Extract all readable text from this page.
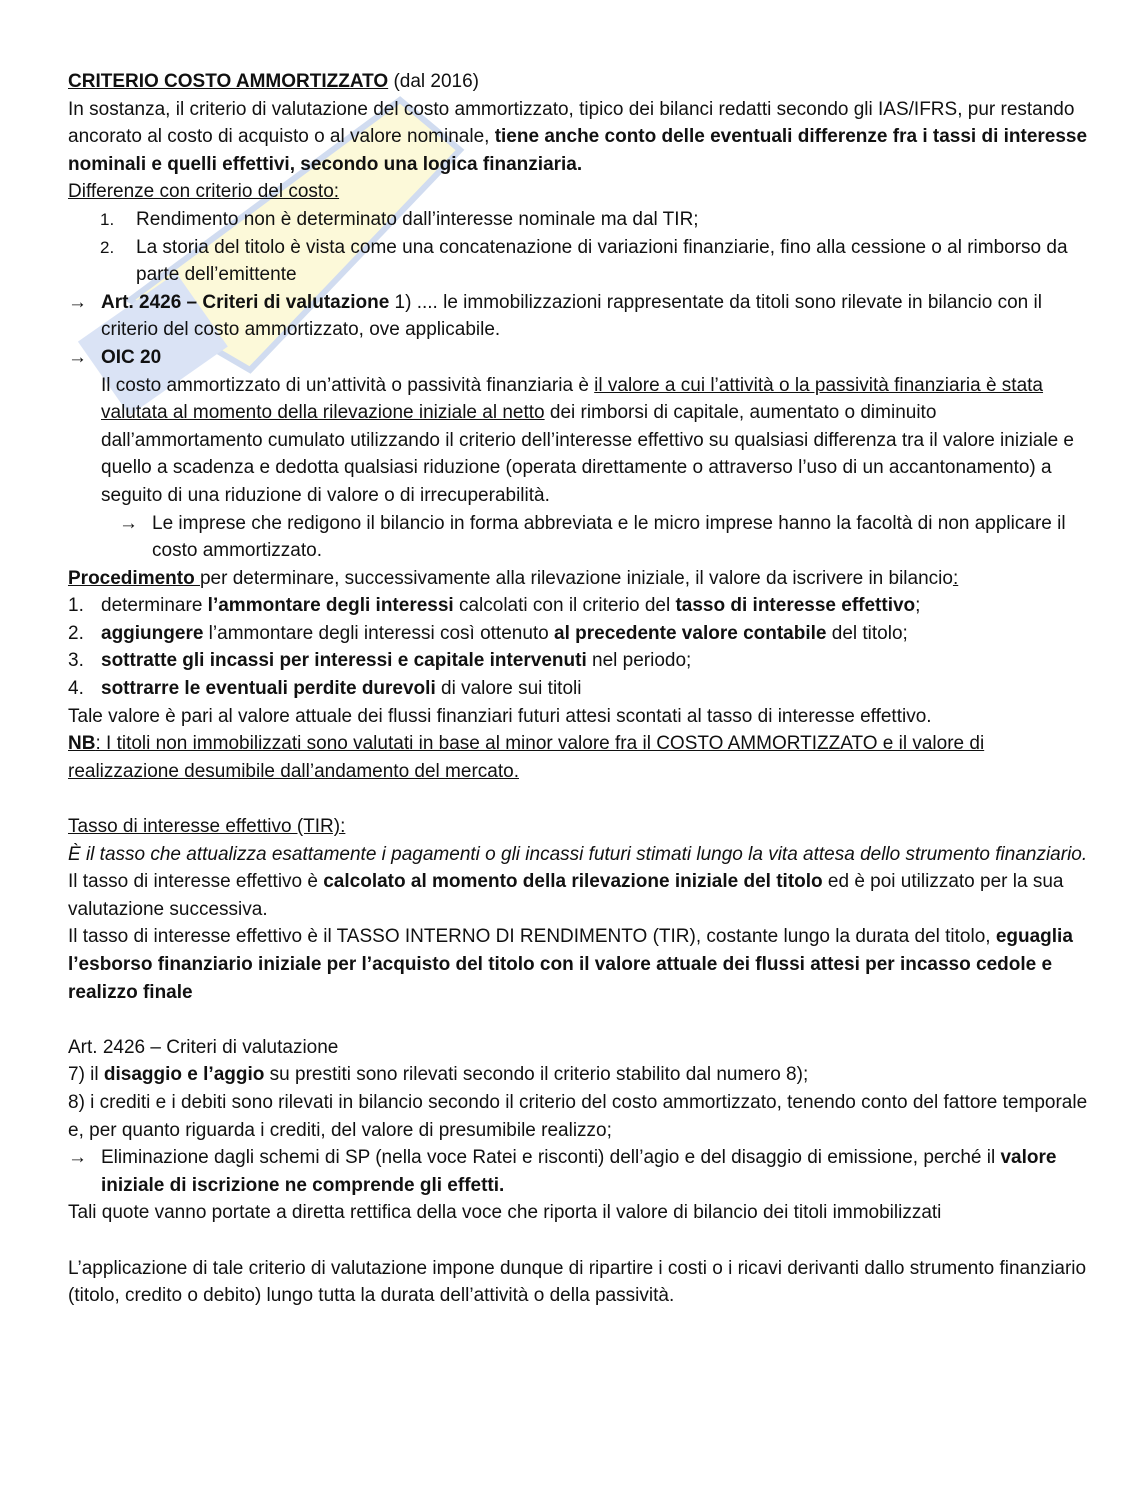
CRITERIO COSTO AMMORTIZZATO (dal 2016)

In sostanza, il criterio di valutazione del costo ammortizzato, tipico dei bilanci redatti secondo gli IAS/IFRS, pur restando ancorato al costo di acquisto o al valore nominale, tiene anche conto delle eventuali differenze fra i tassi di interesse nominali e quelli effettivi, secondo una logica finanziaria.

Differenze con criterio del costo:

1. Rendimento non è determinato dall’interesse nominale ma dal TIR;
2. La storia del titolo è vista come una concatenazione di variazioni finanziarie, fino alla cessione o al rimborso da parte dell’emittente

→ Art. 2426 – Criteri di valutazione 1) .... le immobilizzazioni rappresentate da titoli sono rilevate in bilancio con il criterio del costo ammortizzato, ove applicabile.

→ OIC 20

Il costo ammortizzato di un’attività o passività finanziaria è il valore a cui l’attività o la passività finanziaria è stata valutata al momento della rilevazione iniziale al netto dei rimborsi di capitale, aumentato o diminuito dall’ammortamento cumulato utilizzando il criterio dell’interesse effettivo su qualsiasi differenza tra il valore iniziale e quello a scadenza e dedotta qualsiasi riduzione (operata direttamente o attraverso l’uso di un accantonamento) a seguito di una riduzione di valore o di irrecuperabilità.

→ Le imprese che redigono il bilancio in forma abbreviata e le micro imprese hanno la facoltà di non applicare il costo ammortizzato.

Procedimento per determinare, successivamente alla rilevazione iniziale, il valore da iscrivere in bilancio:

1. determinare l’ammontare degli interessi calcolati con il criterio del tasso di interesse effettivo;
2. aggiungere l’ammontare degli interessi così ottenuto al precedente valore contabile del titolo;
3. sottratte gli incassi per interessi e capitale intervenuti nel periodo;
4. sottrarre le eventuali perdite durevoli di valore sui titoli

Tale valore è pari al valore attuale dei flussi finanziari futuri attesi scontati al tasso di interesse effettivo.

NB: I titoli non immobilizzati sono valutati in base al minor valore fra il COSTO AMMORTIZZATO e il valore di realizzazione desumibile dall’andamento del mercato.

Tasso di interesse effettivo (TIR):

È il tasso che attualizza esattamente i pagamenti o gli incassi futuri stimati lungo la vita attesa dello strumento finanziario.

Il tasso di interesse effettivo è calcolato al momento della rilevazione iniziale del titolo ed è poi utilizzato per la sua valutazione successiva.

Il tasso di interesse effettivo è il TASSO INTERNO DI RENDIMENTO (TIR), costante lungo la durata del titolo, eguaglia l’esborso finanziario iniziale per l’acquisto del titolo con il valore attuale dei flussi attesi per incasso cedole e realizzo finale

Art. 2426 – Criteri di valutazione

7) il disaggio e l’aggio su prestiti sono rilevati secondo il criterio stabilito dal numero 8);

8) i crediti e i debiti sono rilevati in bilancio secondo il criterio del costo ammortizzato, tenendo conto del fattore temporale e, per quanto riguarda i crediti, del valore di presumibile realizzo;

→ Eliminazione dagli schemi di SP (nella voce Ratei e risconti) dell’agio e del disaggio di emissione, perché il valore iniziale di iscrizione ne comprende gli effetti.

Tali quote vanno portate a diretta rettifica della voce che riporta il valore di bilancio dei titoli immobilizzati

L’applicazione di tale criterio di valutazione impone dunque di ripartire i costi o i ricavi derivanti dallo strumento finanziario (titolo, credito o debito) lungo tutta la durata dell’attività o della passività.
